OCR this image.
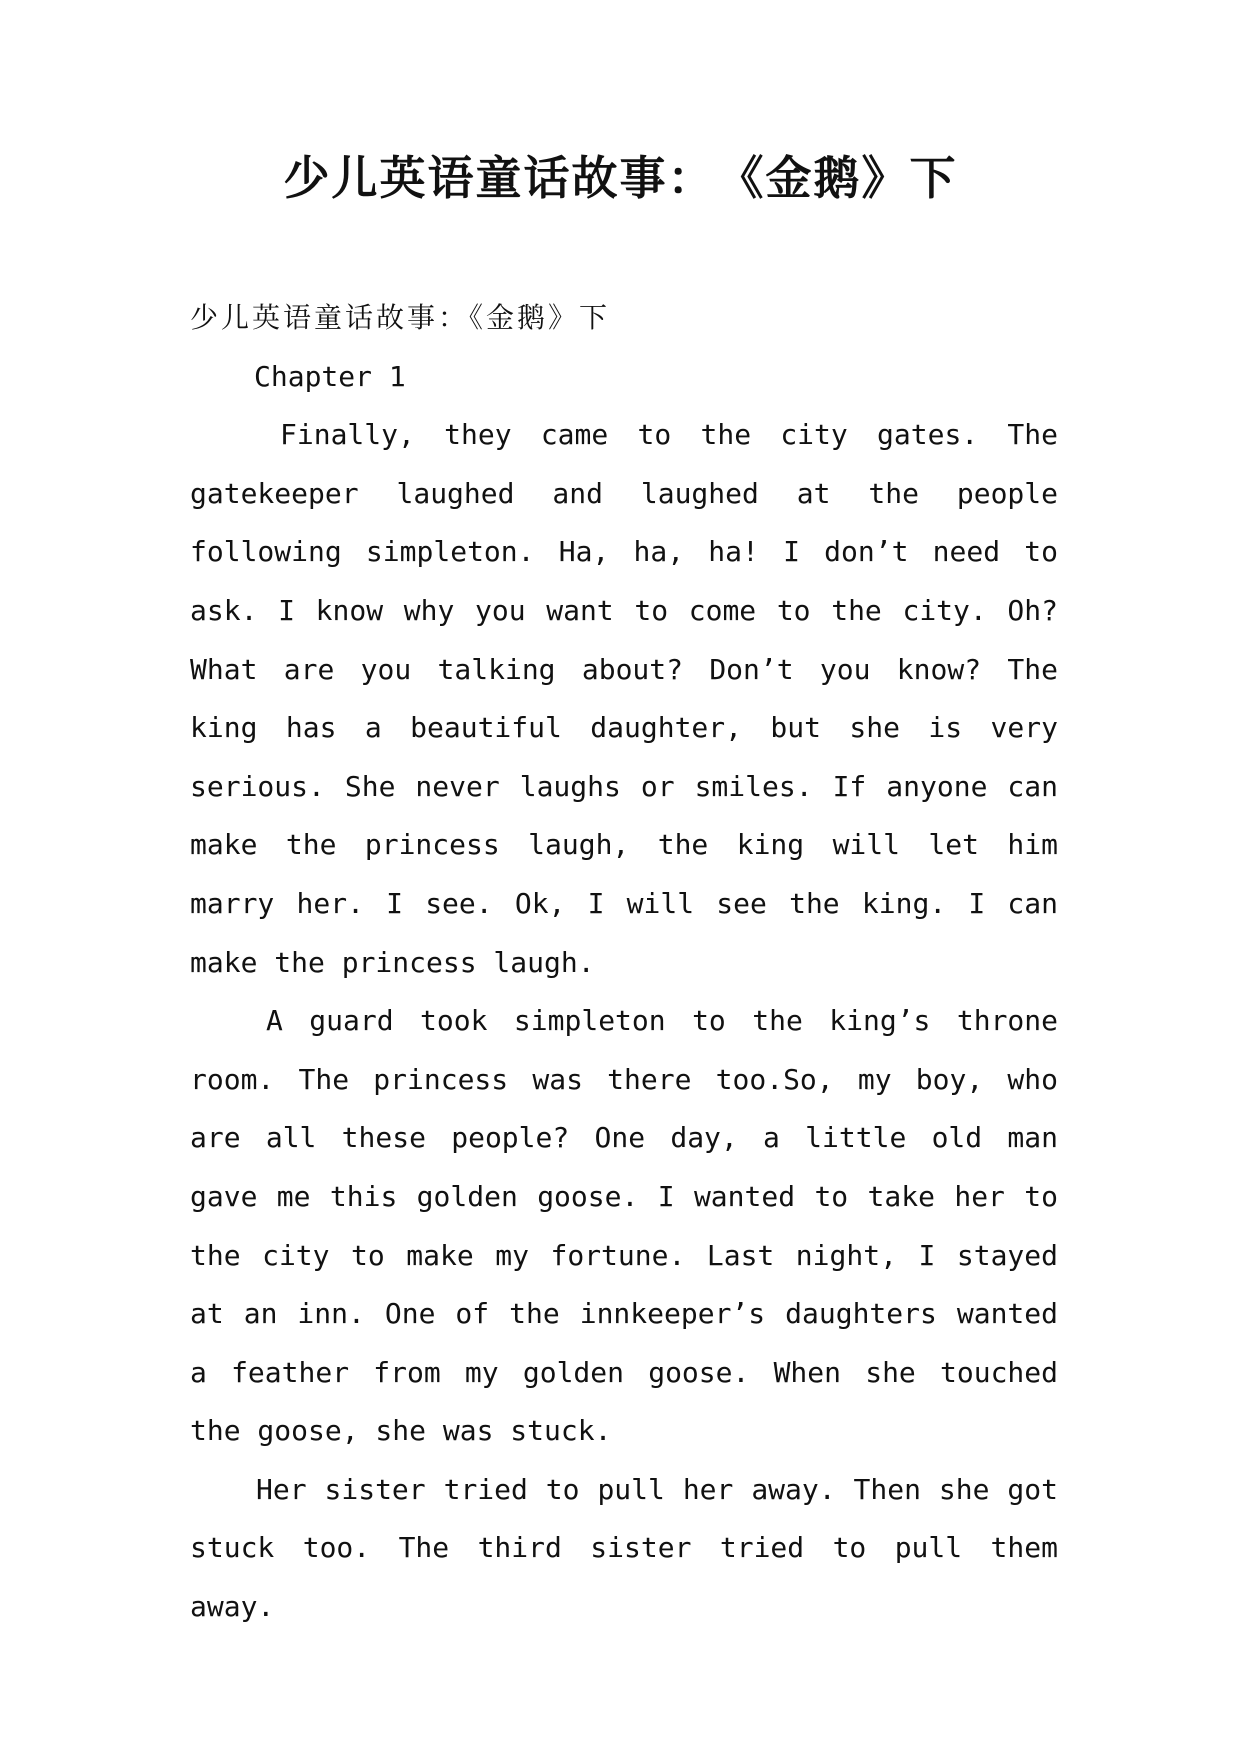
少儿英语童话故事：　《金鹅》下

少儿英语童话故事：《金鹅》下

Chapter 1

Finally, they came to the city gates. The gatekeeper laughed and laughed at the people following simpleton. Ha, ha, ha! I don’t need to ask. I know why you want to come to the city. Oh? What are you talking about? Don’t you know? The king has a beautiful daughter, but she is very serious. She never laughs or smiles. If anyone can make the princess laugh, the king will let him marry her. I see. Ok, I will see the king. I can make the princess laugh.

A guard took simpleton to the king’s throne room. The princess was there too.So, my boy, who are all these people? One day, a little old man gave me this golden goose. I wanted to take her to the city to make my fortune. Last night, I stayed at an inn. One of the innkeeper’s daughters wanted a feather from my golden goose. When she touched the goose, she was stuck.

Her sister tried to pull her away. Then she got stuck too. The third sister tried to pull them away.
